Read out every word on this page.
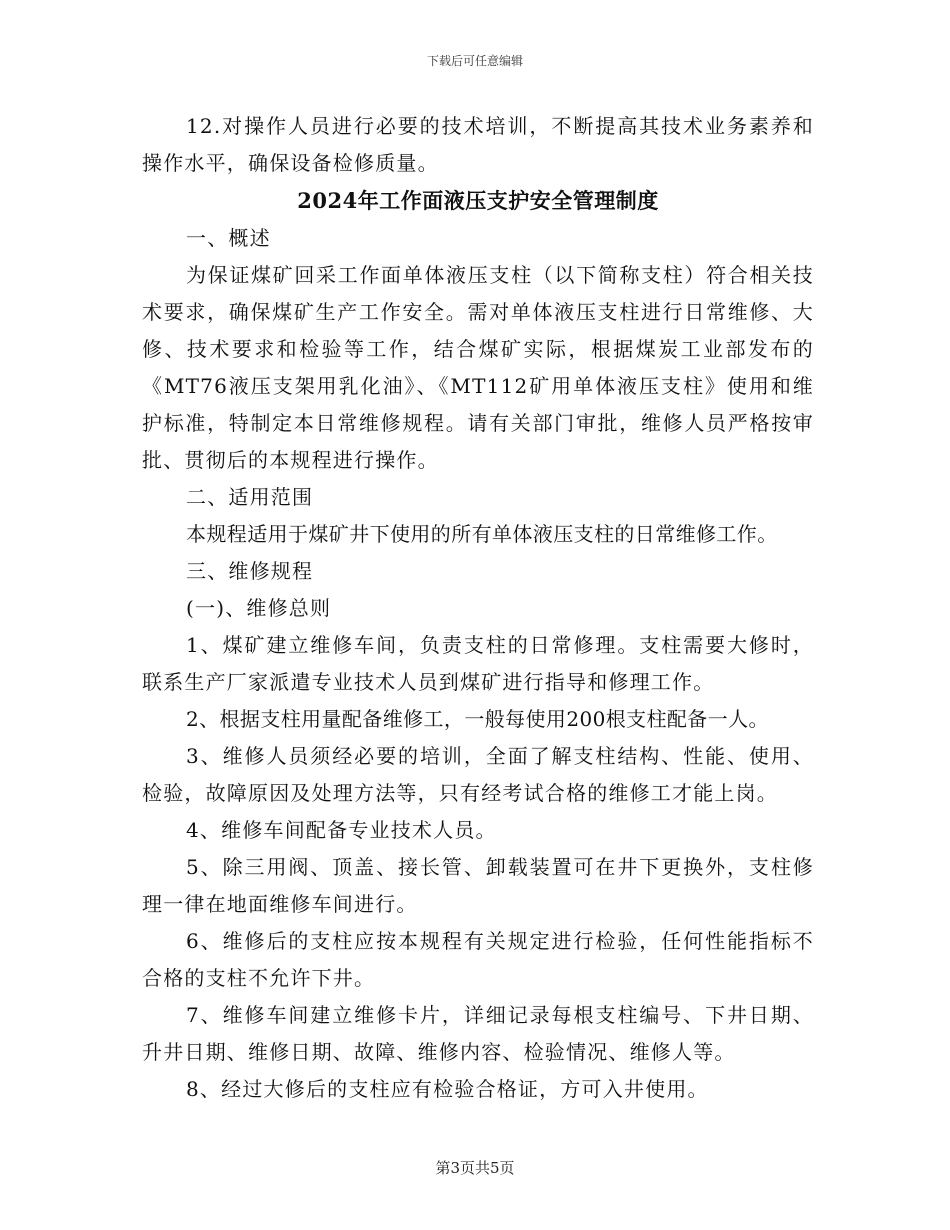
下载后可任意编辑

12.对操作人员进行必要的技术培训，不断提高其技术业务素养和操作水平，确保设备检修质量。

2024年工作面液压支护安全管理制度

一、概述

为保证煤矿回采工作面单体液压支柱（以下简称支柱）符合相关技术要求，确保煤矿生产工作安全。需对单体液压支柱进行日常维修、大修、技术要求和检验等工作，结合煤矿实际，根据煤炭工业部发布的《MT76液压支架用乳化油》、《MT112矿用单体液压支柱》使用和维护标准，特制定本日常维修规程。请有关部门审批，维修人员严格按审批、贯彻后的本规程进行操作。

二、适用范围

本规程适用于煤矿井下使用的所有单体液压支柱的日常维修工作。

三、维修规程

(一)、维修总则

1、煤矿建立维修车间，负责支柱的日常修理。支柱需要大修时，联系生产厂家派遣专业技术人员到煤矿进行指导和修理工作。

2、根据支柱用量配备维修工，一般每使用200根支柱配备一人。

3、维修人员须经必要的培训，全面了解支柱结构、性能、使用、检验，故障原因及处理方法等，只有经考试合格的维修工才能上岗。

4、维修车间配备专业技术人员。

5、除三用阀、顶盖、接长管、卸载装置可在井下更换外，支柱修理一律在地面维修车间进行。

6、维修后的支柱应按本规程有关规定进行检验，任何性能指标不合格的支柱不允许下井。

7、维修车间建立维修卡片，详细记录每根支柱编号、下井日期、升井日期、维修日期、故障、维修内容、检验情况、维修人等。

8、经过大修后的支柱应有检验合格证，方可入井使用。

第3页共5页
